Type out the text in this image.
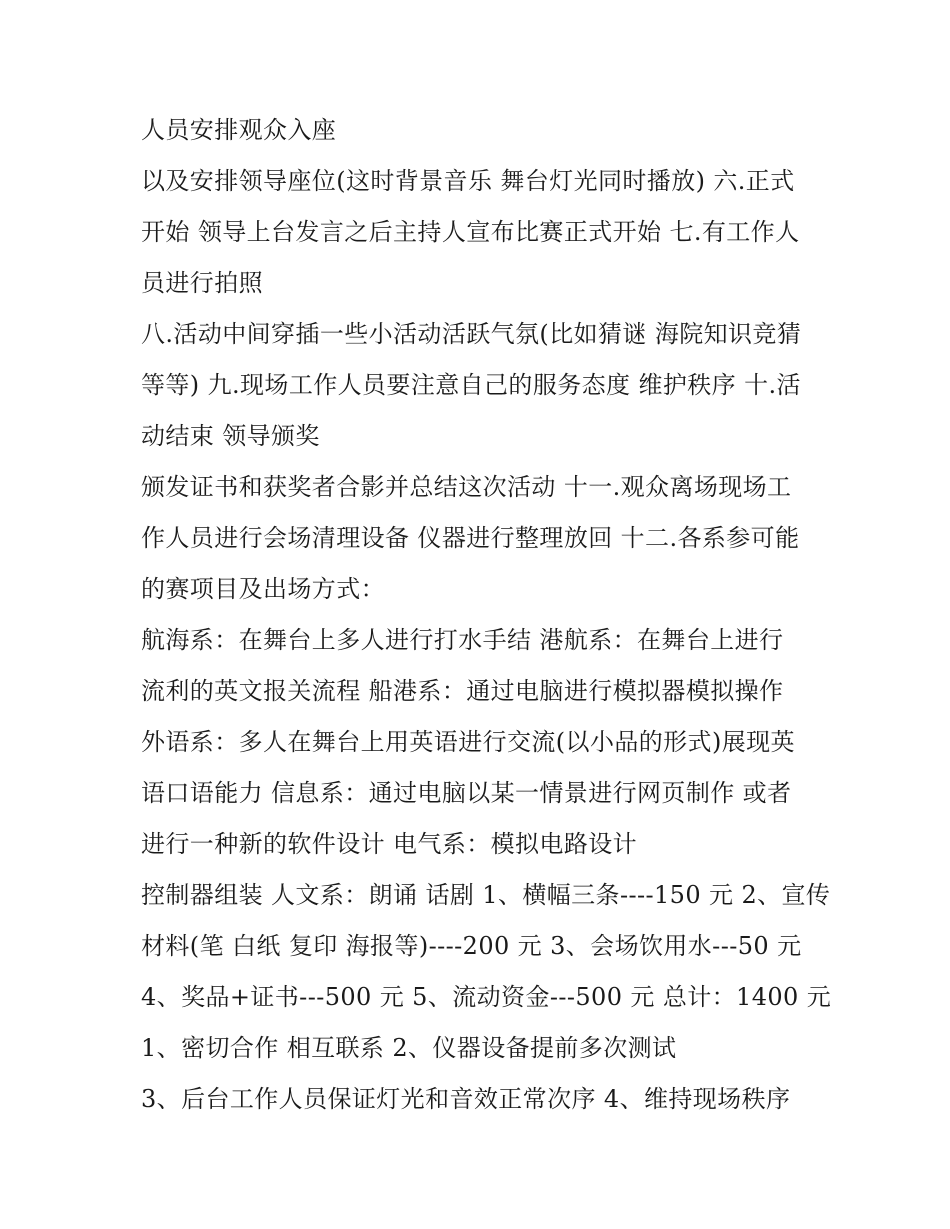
人员安排观众入座
以及安排领导座位(这时背景音乐 舞台灯光同时播放) 六.正式
开始 领导上台发言之后主持人宣布比赛正式开始 七.有工作人
员进行拍照
八.活动中间穿插一些小活动活跃气氛(比如猜谜 海院知识竞猜
等等) 九.现场工作人员要注意自己的服务态度 维护秩序 十.活
动结束 领导颁奖
颁发证书和获奖者合影并总结这次活动 十一.观众离场现场工
作人员进行会场清理设备 仪器进行整理放回 十二.各系参可能
的赛项目及出场方式：
航海系：在舞台上多人进行打水手结 港航系：在舞台上进行
流利的英文报关流程 船港系：通过电脑进行模拟器模拟操作
外语系：多人在舞台上用英语进行交流(以小品的形式)展现英
语口语能力 信息系：通过电脑以某一情景进行网页制作 或者
进行一种新的软件设计 电气系：模拟电路设计
控制器组装 人文系：朗诵 话剧 1、横幅三条----150 元 2、宣传
材料(笔 白纸 复印 海报等)----200 元 3、会场饮用水---50 元
4、奖品+证书---500 元 5、流动资金---500 元 总计：1400 元
1、密切合作 相互联系 2、仪器设备提前多次测试
3、后台工作人员保证灯光和音效正常次序 4、维持现场秩序
